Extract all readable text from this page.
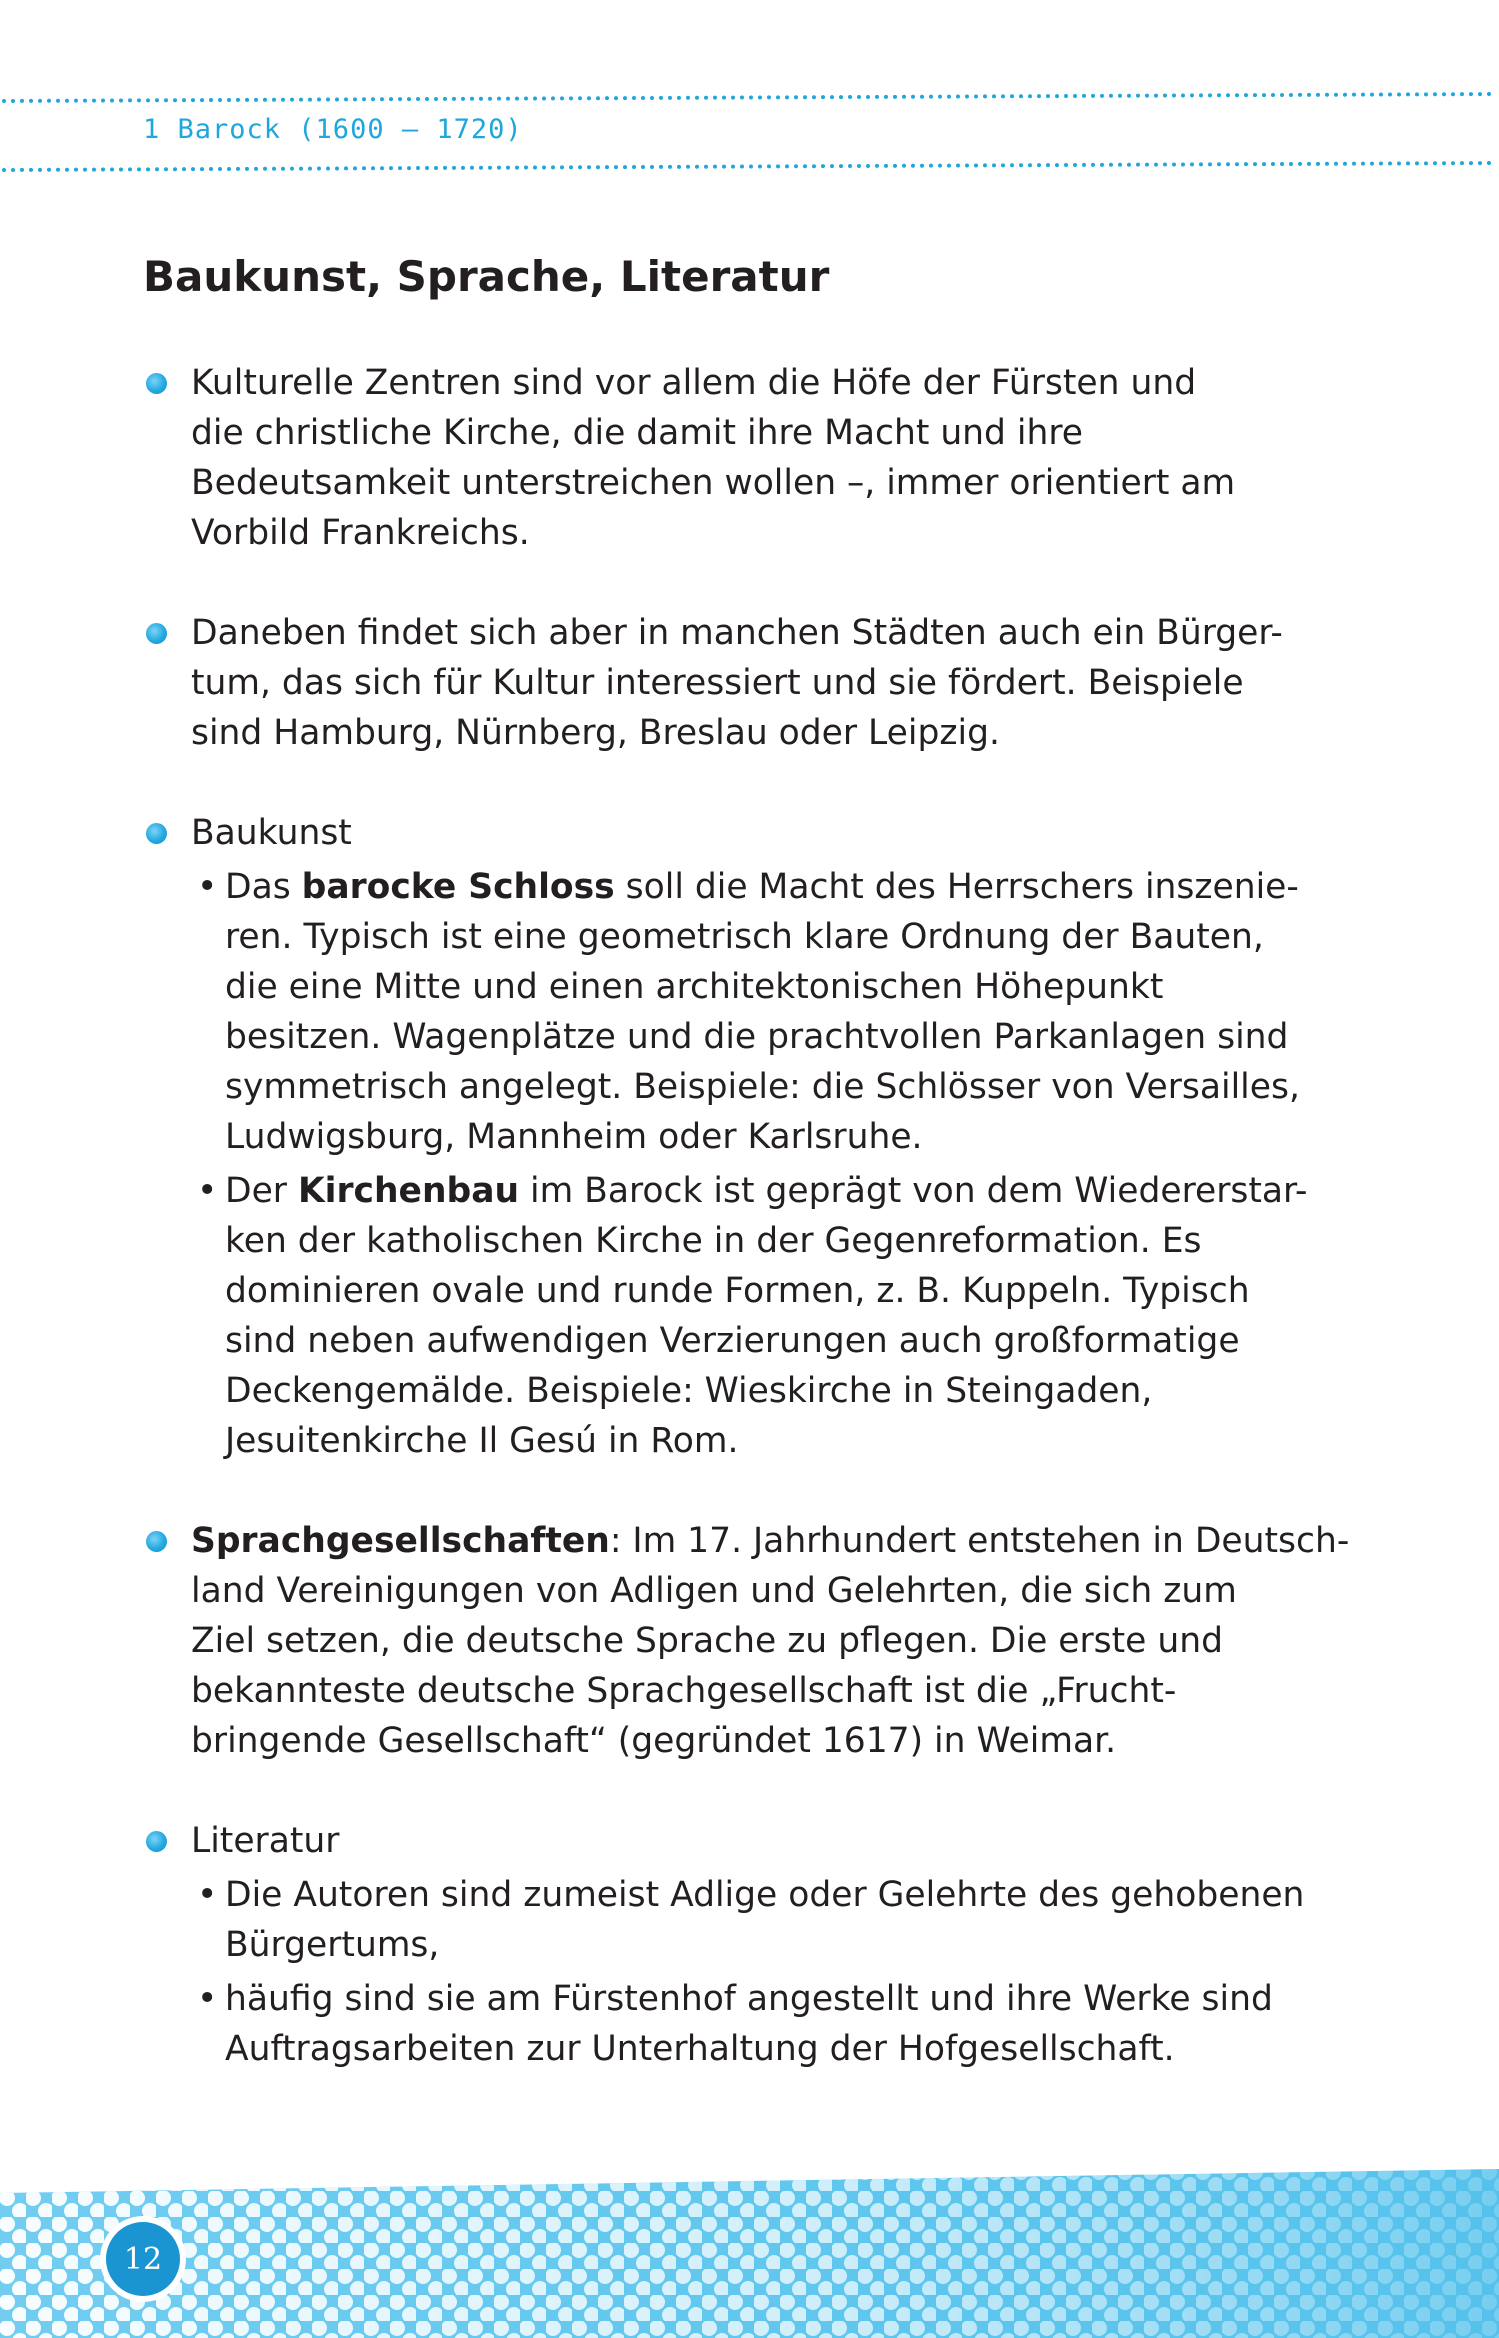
1 Barock (1600 – 1720)
Baukunst, Sprache, Literatur
Kulturelle Zentren sind vor allem die Höfe der Fürsten und
die christliche Kirche, die damit ihre Macht und ihre
Bedeutsamkeit unterstreichen wollen –, immer orientiert am
Vorbild Frankreichs.
Daneben findet sich aber in manchen Städten auch ein Bürger-
tum, das sich für Kultur interessiert und sie fördert. Beispiele
sind Hamburg, Nürnberg, Breslau oder Leipzig.
Baukunst
• Das barocke Schloss soll die Macht des Herrschers inszenie-
ren. Typisch ist eine geometrisch klare Ordnung der Bauten,
die eine Mitte und einen architektonischen Höhepunkt
besitzen. Wagenplätze und die prachtvollen Parkanlagen sind
symmetrisch angelegt. Beispiele: die Schlösser von Versailles,
Ludwigsburg, Mannheim oder Karlsruhe.
• Der Kirchenbau im Barock ist geprägt von dem Wiedererstar-
ken der katholischen Kirche in der Gegenreformation. Es
dominieren ovale und runde Formen, z. B. Kuppeln. Typisch
sind neben aufwendigen Verzierungen auch großformatige
Deckengemälde. Beispiele: Wieskirche in Steingaden,
Jesuitenkirche Il Gesú in Rom.
Sprachgesellschaften: Im 17. Jahrhundert entstehen in Deutsch-
land Vereinigungen von Adligen und Gelehrten, die sich zum
Ziel setzen, die deutsche Sprache zu pflegen. Die erste und
bekannteste deutsche Sprachgesellschaft ist die „Frucht-
bringende Gesellschaft“ (gegründet 1617) in Weimar.
Literatur
• Die Autoren sind zumeist Adlige oder Gelehrte des gehobenen
Bürgertums,
• häufig sind sie am Fürstenhof angestellt und ihre Werke sind
Auftragsarbeiten zur Unterhaltung der Hofgesellschaft.
12
